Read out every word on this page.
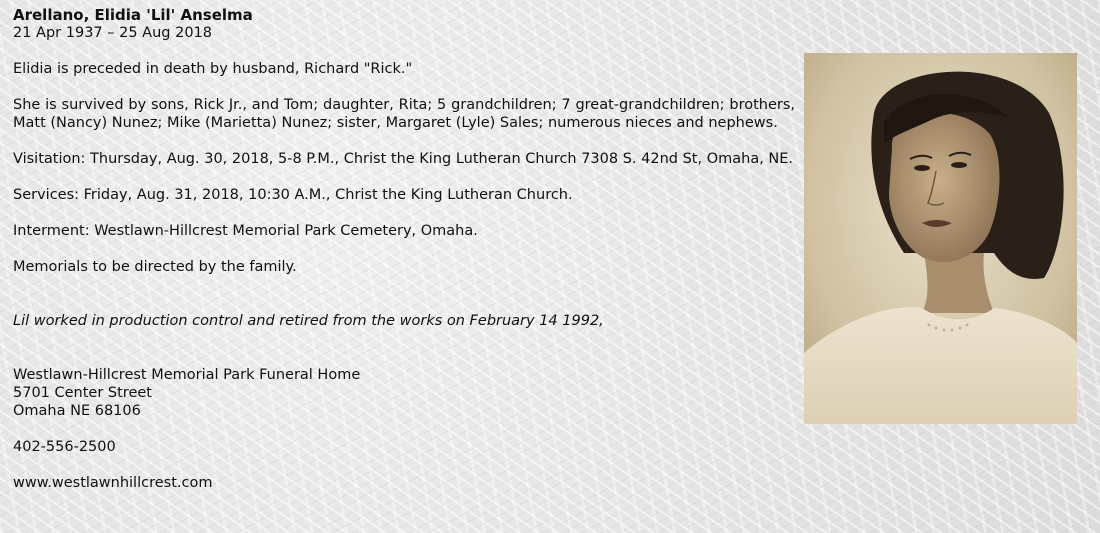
Arellano, Elidia 'Lil' Anselma

21 Apr 1937 – 25 Aug 2018

Elidia is preceded in death by husband, Richard "Rick."

She is survived by sons, Rick Jr., and Tom; daughter, Rita; 5 grandchildren; 7 great-grandchildren; brothers, Matt (Nancy) Nunez; Mike (Marietta) Nunez; sister, Margaret (Lyle) Sales; numerous nieces and nephews.

Visitation: Thursday, Aug. 30, 2018, 5-8 P.M., Christ the King Lutheran Church 7308 S. 42nd St, Omaha, NE.

Services: Friday, Aug. 31, 2018, 10:30 A.M., Christ the King Lutheran Church.

Interment: Westlawn-Hillcrest Memorial Park Cemetery, Omaha.

Memorials to be directed by the family.

Lil worked in production control and retired from the works on February 14 1992,

Westlawn-Hillcrest Memorial Park Funeral Home

5701 Center Street

Omaha NE 68106

402-556-2500

www.westlawnhillcrest.com
